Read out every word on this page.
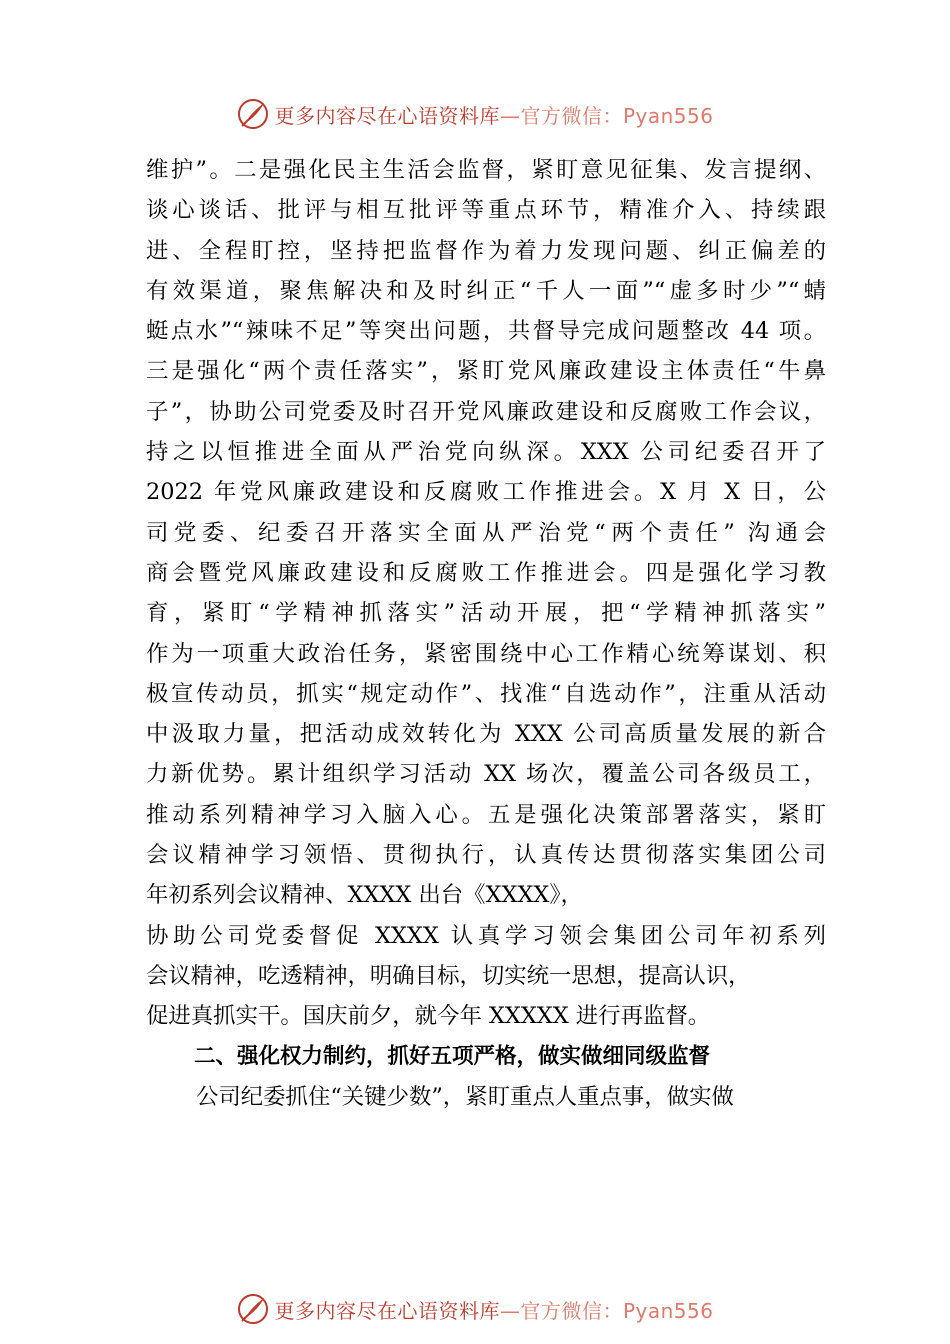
更多内容尽在心语资料库—官方微信：Pyan556
维护”。二是强化民主生活会监督，紧盯意见征集、发言提纲、
谈心谈话、批评与相互批评等重点环节，精准介入、持续跟
进、全程盯控，坚持把监督作为着力发现问题、纠正偏差的
有效渠道，聚焦解决和及时纠正“千人一面”“虚多时少”“蜻
蜓点水”“辣味不足”等突出问题，共督导完成问题整改 44 项。
三是强化“两个责任落实”，紧盯党风廉政建设主体责任“牛鼻
子”，协助公司党委及时召开党风廉政建设和反腐败工作会议，
持之以恒推进全面从严治党向纵深。XXX 公司纪委召开了
2022 年党风廉政建设和反腐败工作推进会。X 月 X 日，公
司党委、纪委召开落实全面从严治党“两个责任” 沟通会
商会暨党风廉政建设和反腐败工作推进会。四是强化学习教
育，紧盯“学精神抓落实”活动开展，把“学精神抓落实”
作为一项重大政治任务，紧密围绕中心工作精心统筹谋划、积
极宣传动员，抓实“规定动作”、找准“自选动作”，注重从活动
中汲取力量，把活动成效转化为 XXX 公司高质量发展的新合
力新优势。累计组织学习活动 XX 场次，覆盖公司各级员工，
推动系列精神学习入脑入心。五是强化决策部署落实，紧盯
会议精神学习领悟、贯彻执行，认真传达贯彻落实集团公司
年初系列会议精神、XXXX 出台《XXXX》，
协助公司党委督促 XXXX 认真学习领会集团公司年初系列
会议精神，吃透精神，明确目标，切实统一思想，提高认识，
促进真抓实干。国庆前夕，就今年 XXXXX 进行再监督。
二、强化权力制约，抓好五项严格，做实做细同级监督
公司纪委抓住“关键少数”，紧盯重点人重点事，做实做
更多内容尽在心语资料库—官方微信：Pyan556
